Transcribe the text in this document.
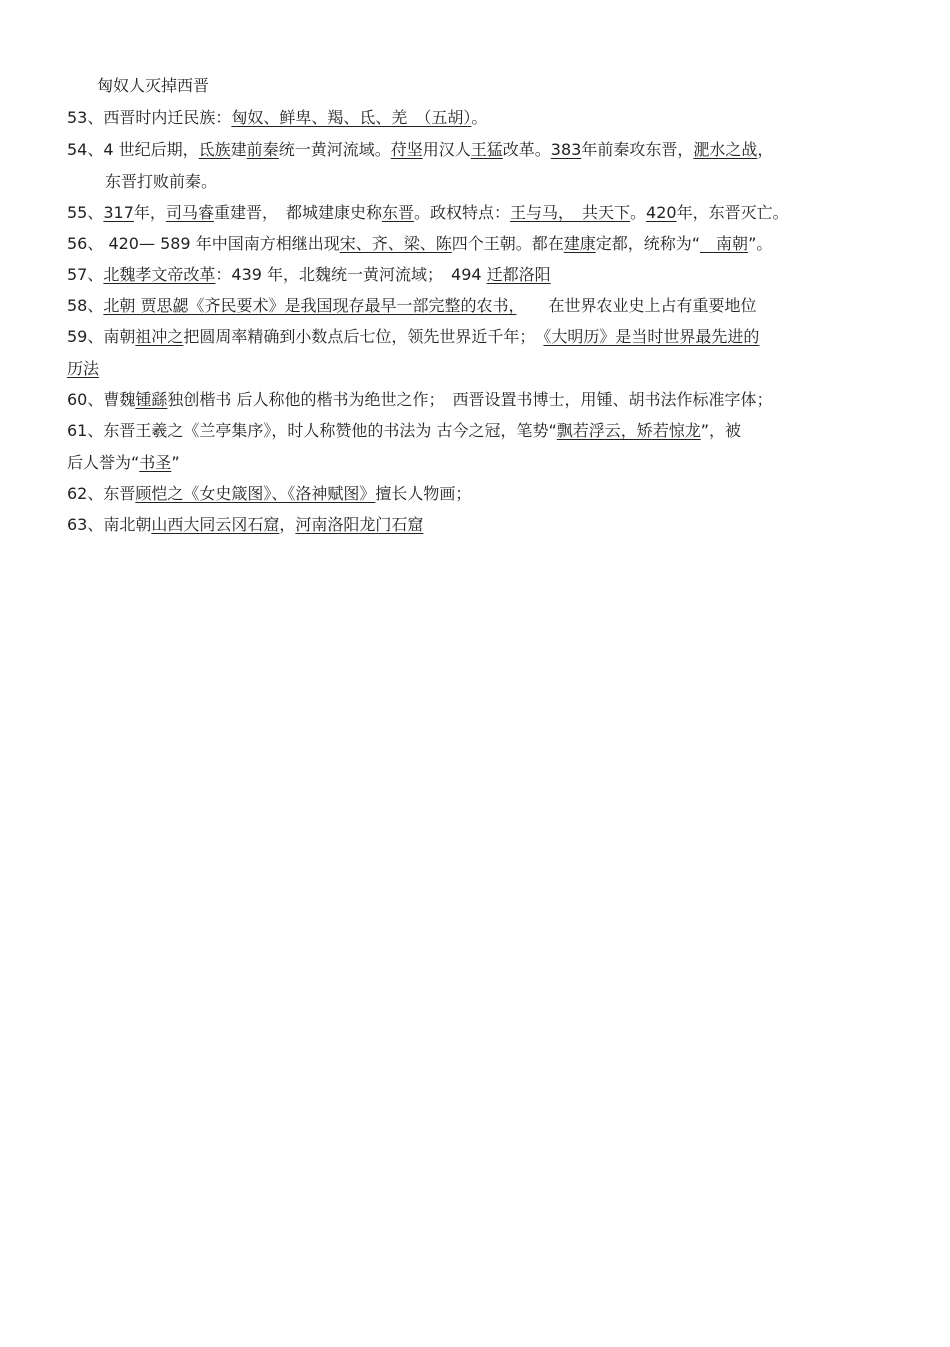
匈奴人灭掉西晋
53、西晋时内迁民族：匈奴、鲜卑、羯、氐、羌　（五胡）。
54、4 世纪后期，氐族建前秦统一黄河流域。苻坚用汉人王猛改革。383年前秦攻东晋，淝水之战，
东晋打败前秦。
55、317年，司马睿重建晋，　都城建康史称东晋。政权特点：王与马，　共天下。420年，东晋灭亡。
56、 420— 589 年中国南方相继出现宋、齐、梁、陈四个王朝。都在建康定都，统称为“　南朝”。
57、北魏孝文帝改革：439 年，北魏统一黄河流域；　494 迁都洛阳
58、北朝 贾思勰《齐民要术》是我国现存最早一部完整的农书，　　在世界农业史上占有重要地位
59、南朝祖冲之把圆周率精确到小数点后七位，领先世界近千年；　《大明历》是当时世界最先进的
历法
60、曹魏锺繇独创楷书 后人称他的楷书为绝世之作；　西晋设置书博士，用锺、胡书法作标准字体；
61、东晋王羲之《兰亭集序》，时人称赞他的书法为 古今之冠，笔势“飘若浮云，矫若惊龙”，被
后人誉为“书圣”
62、东晋顾恺之《女史箴图》、《洛神赋图》擅长人物画；
63、南北朝山西大同云冈石窟，河南洛阳龙门石窟
